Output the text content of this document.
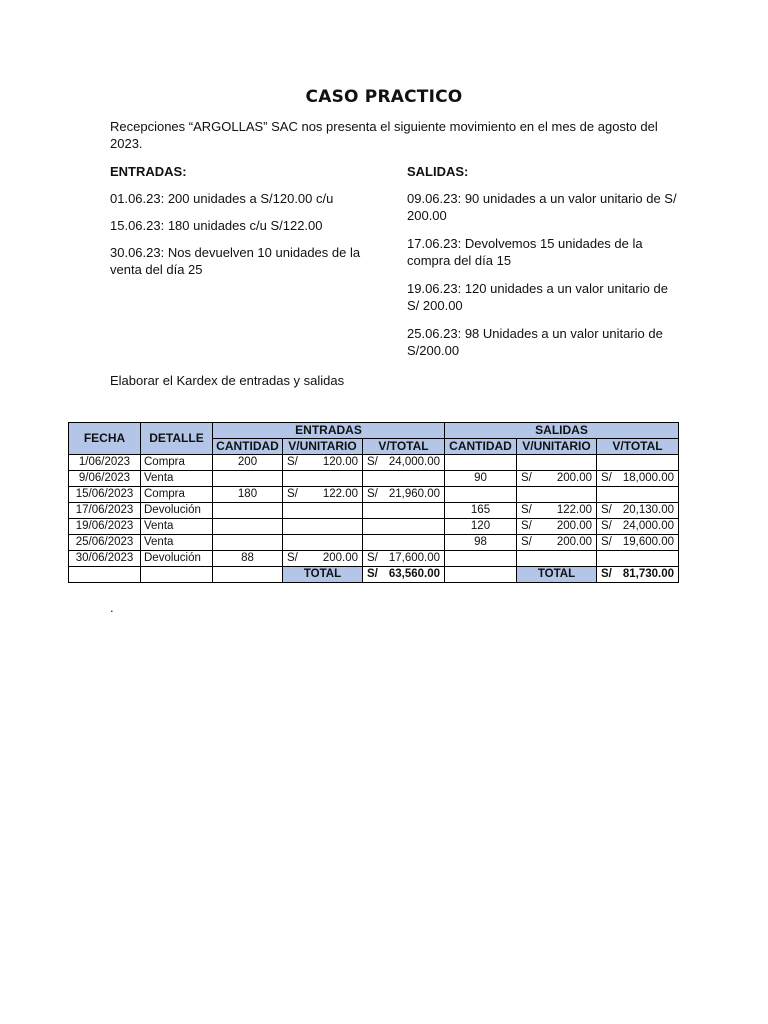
CASO PRACTICO
Recepciones “ARGOLLAS” SAC nos presenta el siguiente movimiento en el mes de agosto del 2023.
ENTRADAS:
01.06.23: 200 unidades a S/120.00 c/u
15.06.23: 180 unidades c/u S/122.00
30.06.23: Nos devuelven 10 unidades de la venta del día 25
SALIDAS:
09.06.23: 90 unidades a un valor unitario de S/ 200.00
17.06.23: Devolvemos 15 unidades de la compra del día 15
19.06.23: 120 unidades a un valor unitario de S/ 200.00
25.06.23: 98 Unidades a un valor unitario de S/200.00
Elaborar el Kardex de entradas y salidas
FECHA	DETALLE	ENTRADAS			SALIDAS		
		CANTIDAD	V/UNITARIO	V/TOTAL	CANTIDAD	V/UNITARIO	V/TOTAL
1/06/2023	Compra	200	S/ 120.00	S/ 24,000.00			

9/06/2023	Venta				90	S/ 200.00	S/ 18,000.00

15/06/2023	Compra	180	S/ 122.00	S/ 21,960.00			

17/06/2023	Devolución				165	S/ 122.00	S/ 20,130.00

19/06/2023	Venta				120	S/ 200.00	S/ 24,000.00

25/06/2023	Venta				98	S/ 200.00	S/ 19,600.00

30/06/2023	Devolución	88	S/ 200.00	S/ 17,600.00			

			TOTAL	S/ 63,560.00		TOTAL	S/ 81,730.00
.
